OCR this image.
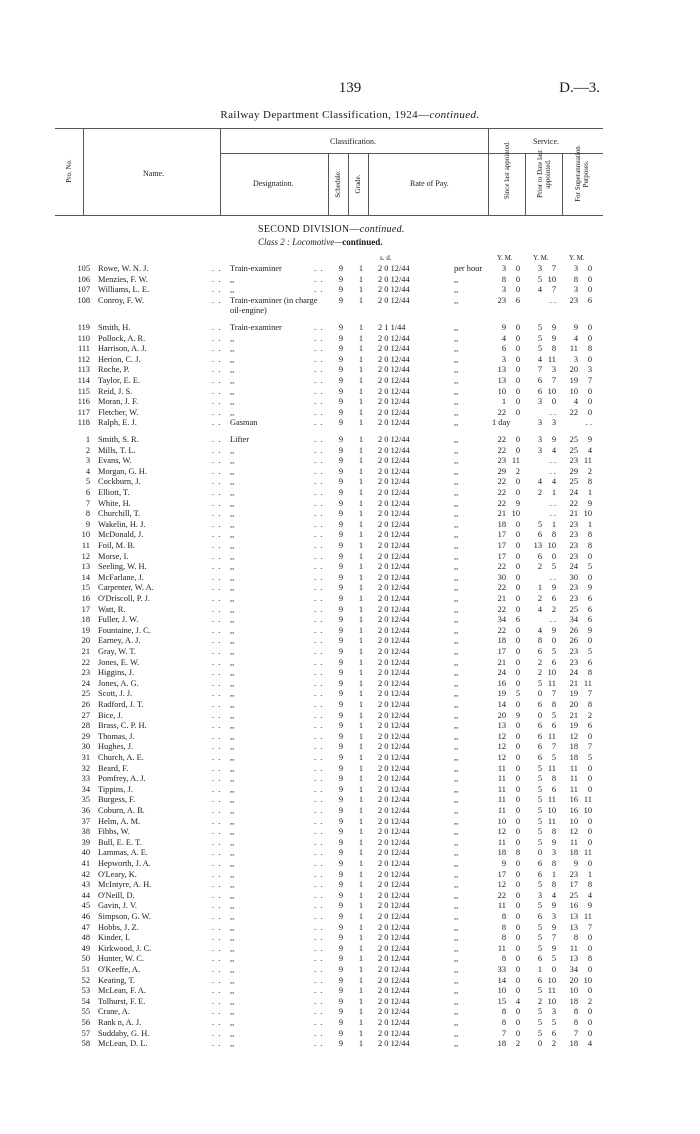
139	D.—3.
Railway Department Classification, 1924—continued.
Pro. No.	Name.
Classification.	Service.
Designation.	Schedule. Grade.	Rate of Pay.	Since last appointed.	Prior to Date last appointed.	For Superannuation Purposes.
SECOND DIVISION—continued.
Class 2 : Locomotive—continued.
s. d.	Y. M.	Y. M.	Y. M.
105 Rowe, W. N. J.	. . Train-examiner	. .	9	1	2 0 12/44	per hour	3	0	3	7	3	0
106 Menzies, F. W.	. . ,,	. .	9	1	2 0 12/44	,,	8	0	5 10	8	0
107 Williams, L. E.	. . ,,	. .	9	1	2 0 12/44	,,	3	0	4	7	3	0
108 Conroy, F. W.	. . Train-examiner (in charge	9	1	2 0 12/44	,,	23	6	. .	23	6
oil-engine)
119 Smith, H.	. . Train-examiner	. .	9	1	2 1 1/44	,,	9	0	5	9	9	0
110 Pollock, A. R.	. . ,,	. .	9	1	2 0 12/44	,,	4	0	5	9	4	0
111 Harrison, A. J.	. . ,,	. .	9	1	2 0 12/44	,,	6	0	5	8	11	8
112 Herion, C. J.	. . ,,	. .	9	1	2 0 12/44	,,	3	0	4 11	3	0
113 Roche, P.	. . ,,	. .	9	1	2 0 12/44	,,	13	0	7	3	20	3
114 Taylor, E. E.	. . ,,	. .	9	1	2 0 12/44	,,	13	0	6	7	19	7
115 Reid, J. S.	. . ,,	. .	9	1	2 0 12/44	,,	10	0	6 10	10	0
116 Moran, J. F.	. . ,,	. .	9	1	2 0 12/44	,,	1	0	3	0	4	0
117 Fletcher, W.	. . ,,	. .	9	1	2 0 12/44	,,	22	0	. .	22	0
118 Ralph, E. J.	. . Gasman	. .	9	1	2 0 12/44	,,	1 day	3	3	. .
1 Smith, S. R.	. . Lifter	. .	9	1	2 0 12/44	,,	22	0	3	9	25	9
2 Mills, T. L.	. . ,,	. .	9	1	2 0 12/44	,,	22	0	3	4	25	4
3 Evans, W.	. . ,,	. .	9	1	2 0 12/44	,,	23 11	. .	23 11
4 Morgan, G. H.	. . ,,	. .	9	1	2 0 12/44	,,	29	2	. .	29	2
5 Cockburn, J.	. . ,,	. .	9	1	2 0 12/44	,,	22	0	4	4	25	8
6 Elliott, T.	. . ,,	. .	9	1	2 0 12/44	,,	22	0	2	1	24	1
7 White, H.	. . ,,	. .	9	1	2 0 12/44	,,	22	9	. .	22	9
8 Churchill, T.	. . ,,	. .	9	1	2 0 12/44	,,	21 10	. .	21 10
9 Wakelin, H. J.	. . ,,	. .	9	1	2 0 12/44	,,	18	0	5	1	23	1
10 McDonald, J.	. . ,,	. .	9	1	2 0 12/44	,,	17	0	6	8	23	8
11 Foil, M. B.	. . ,,	. .	9	1	2 0 12/44	,,	17	0	13 10	23	8
12 Morse, I.	. . ,,	. .	9	1	2 0 12/44	,,	17	0	6	0	23	0
13 Seeling, W. H.	. . ,,	. .	9	1	2 0 12/44	,,	22	0	2	5	24	5
14 McFarlane, J.	. . ,,	. .	9	1	2 0 12/44	,,	30	0	. .	30	0
15 Carpenter, W. A.	. . ,,	. .	9	1	2 0 12/44	,,	22	0	1	9	23	9
16 O'Driscoll, P. J.	. . ,,	. .	9	1	2 0 12/44	,,	21	0	2	6	23	6
17 Watt, R.	. . ,,	. .	9	1	2 0 12/44	,,	22	0	4	2	25	6
18 Fuller, J. W.	. . ,,	. .	9	1	2 0 12/44	,,	34	6	. .	34	6
19 Fountaine, J. C.	. . ,,	. .	9	1	2 0 12/44	,,	22	0	4	9	26	9
20 Earney, A. J.	. . ,,	. .	9	1	2 0 12/44	,,	18	0	8	0	26	0
21 Gray, W. T.	. . ,,	. .	9	1	2 0 12/44	,,	17	0	6	5	23	5
22 Jones, E. W.	. . ,,	. .	9	1	2 0 12/44	,,	21	0	2	6	23	6
23 Higgins, J.	. . ,,	. .	9	1	2 0 12/44	,,	24	0	2 10	24	8
24 Jones, A. G.	. . ,,	. .	9	1	2 0 12/44	,,	16	0	5 11	21 11
25 Scott, J. J.	. . ,,	. .	9	1	2 0 12/44	,,	19	5	0	7	19	7
26 Radford, J. T.	. . ,,	. .	9	1	2 0 12/44	,,	14	0	6	8	20	8
27 Bice, J.	. . ,,	. .	9	1	2 0 12/44	,,	20	9	0	5	21	2
28 Brass, C. P. H.	. . ,,	. .	9	1	2 0 12/44	,,	13	0	6	6	19	6
29 Thomas, J.	. . ,,	. .	9	1	2 0 12/44	,,	12	0	6 11	12	0
30 Hughes, J.	. . ,,	. .	9	1	2 0 12/44	,,	12	0	6	7	18	7
31 Church, A. E.	. . ,,	. .	9	1	2 0 12/44	,,	12	0	6	5	18	5
32 Beard, F.	. . ,,	. .	9	1	2 0 12/44	,,	11	0	5 11	11	0
33 Pomfrey, A. J.	. . ,,	. .	9	1	2 0 12/44	,,	11	0	5	8	11	0
34 Tippins, J.	. . ,,	. .	9	1	2 0 12/44	,,	11	0	5	6	11	0
35 Burgess, F.	. . ,,	. .	9	1	2 0 12/44	,,	11	0	5 11	16 11
36 Coburn, A. B.	. . ,,	. .	9	1	2 0 12/44	,,	11	0	5 10	16 10
37 Helm, A. M.	. . ,,	. .	9	1	2 0 12/44	,,	10	0	5 11	10	0
38 Fibbs, W.	. . ,,	. .	9	1	2 0 12/44	,,	12	0	5	8	12	0
39 Bull, E. E. T.	. . ,,	. .	9	1	2 0 12/44	,,	11	0	5	9	11	0
40 Lammas, A. E.	. . ,,	. .	9	1	2 0 12/44	,,	18	8	0	3	18 11
41 Hepworth, J. A.	. . ,,	. .	9	1	2 0 12/44	,,	9	0	6	8	9	0
42 O'Leary, K.	. . ,,	. .	9	1	2 0 12/44	,,	17	0	6	1	23	1
43 McIntyre, A. H.	. . ,,	. .	9	1	2 0 12/44	,,	12	0	5	8	17	8
44 O'Neill, D.	. . ,,	. .	9	1	2 0 12/44	,,	22	0	3	4	25	4
45 Gavin, J. V.	. . ,,	. .	9	1	2 0 12/44	,,	11	0	5	9	16	9
46 Simpson, G. W.	. . ,,	. .	9	1	2 0 12/44	,,	8	0	6	3	13 11
47 Hobbs, J. Z.	. . ,,	. .	9	1	2 0 12/44	,,	8	0	5	9	13	7
48 Kinder, I.	. . ,,	. .	9	1	2 0 12/44	,,	8	0	5	7	8	0
49 Kirkwood, J. C.	. . ,,	. .	9	1	2 0 12/44	,,	11	0	5	9	11	0
50 Hunter, W. C.	. . ,,	. .	9	1	2 0 12/44	,,	8	0	6	5	13	8
51 O'Keeffe, A.	. . ,,	. .	9	1	2 0 12/44	,,	33	0	1	0	34	0
52 Keating, T.	. . ,,	. .	9	1	2 0 12/44	,,	14	0	6 10	20 10
53 McLean, F. A.	. . ,,	. .	9	1	2 0 12/44	,,	10	0	5 11	10	0
54 Tolhurst, F. E.	. . ,,	. .	9	1	2 0 12/44	,,	15	4	2 10	18	2
55 Crane, A.	. . ,,	. .	9	1	2 0 12/44	,,	8	0	5	3	8	0
56 Rank n, A. J.	. . ,,	. .	9	1	2 0 12/44	,,	8	0	5	5	8	0
57 Suddaby, G. H.	. . ,,	. .	9	1	2 0 12/44	,,	7	0	5	6	7	0
58 McLean, D. L.	. . ,,	. .	9	1	2 0 12/44	,,	18	2	0	2	18	4
